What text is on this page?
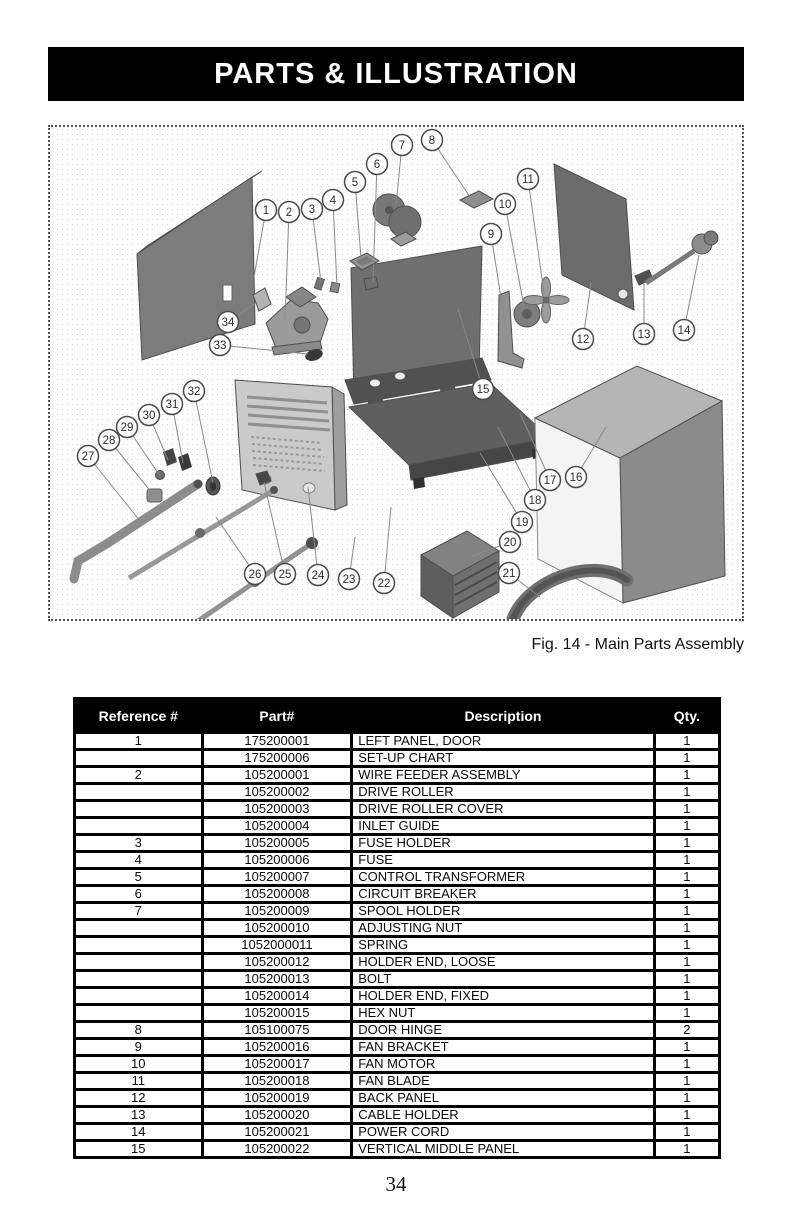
PARTS & ILLUSTRATION
1 2 3
4
5
6
7 8
9
10
11
12	13 14
15
16
17
18
19
20
21
22
23
24
25
26
27
28
29
30
31
32
33
34
Fig. 14 - Main Parts Assembly
Reference #	Part#	Description	Qty.
1	175200001	LEFT PANEL, DOOR	1
	175200006	SET-UP CHART	1
2	105200001	WIRE FEEDER ASSEMBLY	1
	105200002	DRIVE ROLLER	1
	105200003	DRIVE ROLLER COVER	1
	105200004	INLET GUIDE	1
3	105200005	FUSE HOLDER	1
4	105200006	FUSE	1
5	105200007	CONTROL TRANSFORMER	1
6	105200008	CIRCUIT BREAKER	1
7	105200009	SPOOL HOLDER	1
	105200010	ADJUSTING NUT	1
	1052000011	SPRING	1
	105200012	HOLDER END, LOOSE	1
	105200013	BOLT	1
	105200014	HOLDER END, FIXED	1
	105200015	HEX NUT	1
8	105100075	DOOR HINGE	2
9	105200016	FAN BRACKET	1
10	105200017	FAN MOTOR	1
11	105200018	FAN BLADE	1
12	105200019	BACK PANEL	1
13	105200020	CABLE HOLDER	1
14	105200021	POWER CORD	1
15	105200022	VERTICAL MIDDLE PANEL	1
34
